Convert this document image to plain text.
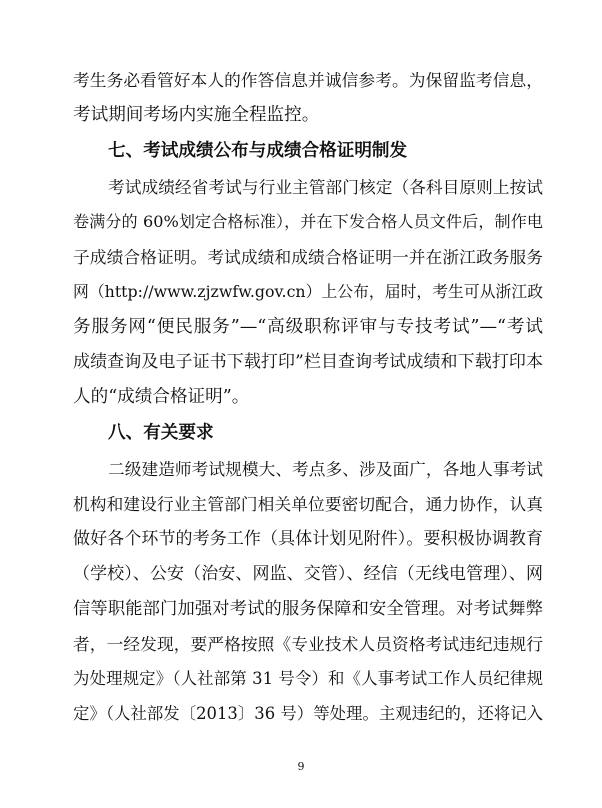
考生务必看管好本人的作答信息并诚信参考。为保留监考信息，
考试期间考场内实施全程监控。
七、考试成绩公布与成绩合格证明制发
考试成绩经省考试与行业主管部门核定（各科目原则上按试
卷满分的 60%划定合格标准），并在下发合格人员文件后，制作电
子成绩合格证明。考试成绩和成绩合格证明一并在浙江政务服务
网（http://www.zjzwfw.gov.cn）上公布，届时，考生可从浙江政
务服务网“便民服务”—“高级职称评审与专技考试”—“考试
成绩查询及电子证书下载打印”栏目查询考试成绩和下载打印本
人的“成绩合格证明”。
八、有关要求
二级建造师考试规模大、考点多、涉及面广，各地人事考试
机构和建设行业主管部门相关单位要密切配合，通力协作，认真
做好各个环节的考务工作（具体计划见附件）。要积极协调教育
（学校）、公安（治安、网监、交管）、经信（无线电管理）、网
信等职能部门加强对考试的服务保障和安全管理。对考试舞弊
者，一经发现，要严格按照《专业技术人员资格考试违纪违规行
为处理规定》（人社部第 31 号令）和《人事考试工作人员纪律规
定》（人社部发〔2013〕36 号）等处理。主观违纪的，还将记入
9
